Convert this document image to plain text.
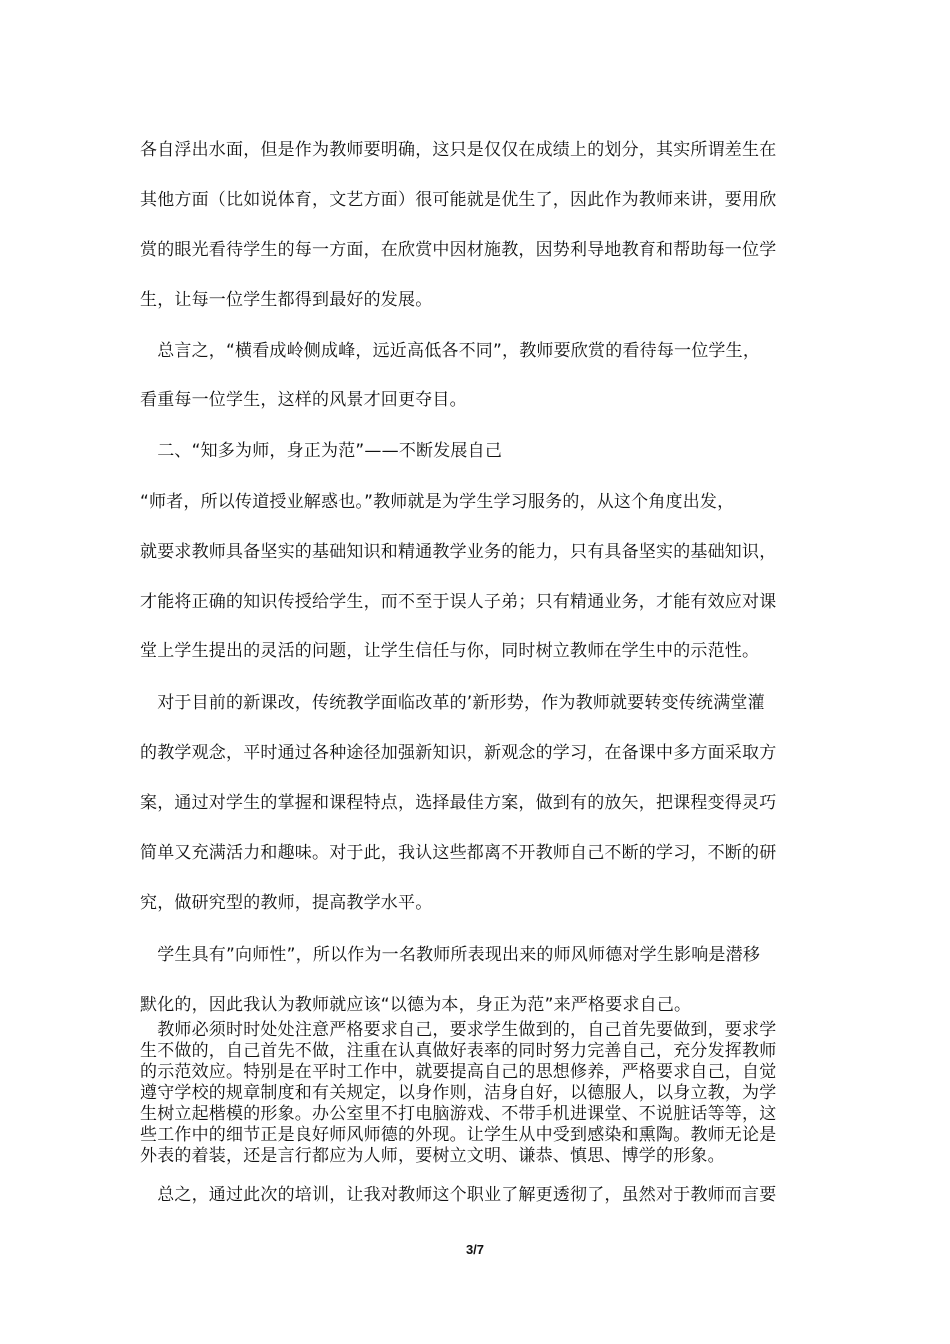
各自浮出水面，但是作为教师要明确，这只是仅仅在成绩上的划分，其实所谓差生在
其他方面（比如说体育，文艺方面）很可能就是优生了，因此作为教师来讲，要用欣
赏的眼光看待学生的每一方面，在欣赏中因材施教，因势利导地教育和帮助每一位学
生，让每一位学生都得到最好的发展。
　总言之，“横看成岭侧成峰，远近高低各不同”，教师要欣赏的看待每一位学生，
看重每一位学生，这样的风景才回更夺目。
　二、“知多为师，身正为范”——不断发展自己
“师者，所以传道授业解惑也。”教师就是为学生学习服务的，从这个角度出发，
就要求教师具备坚实的基础知识和精通教学业务的能力，只有具备坚实的基础知识，
才能将正确的知识传授给学生，而不至于误人子弟；只有精通业务，才能有效应对课
堂上学生提出的灵活的问题，让学生信任与你，同时树立教师在学生中的示范性。
　对于目前的新课改，传统教学面临改革的’新形势，作为教师就要转变传统满堂灌
的教学观念，平时通过各种途径加强新知识，新观念的学习，在备课中多方面采取方
案，通过对学生的掌握和课程特点，选择最佳方案，做到有的放矢，把课程变得灵巧
简单又充满活力和趣味。对于此，我认这些都离不开教师自己不断的学习，不断的研
究，做研究型的教师，提高教学水平。
　学生具有”向师性”，所以作为一名教师所表现出来的师风师德对学生影响是潜移
默化的，因此我认为教师就应该“以德为本，身正为范”来严格要求自己。
　教师必须时时处处注意严格要求自己，要求学生做到的，自己首先要做到，要求学
生不做的，自己首先不做，注重在认真做好表率的同时努力完善自己，充分发挥教师
的示范效应。特别是在平时工作中，就要提高自己的思想修养，严格要求自己，自觉
遵守学校的规章制度和有关规定，以身作则，洁身自好，以德服人，以身立教，为学
生树立起楷模的形象。办公室里不打电脑游戏、不带手机进课堂、不说脏话等等，这
些工作中的细节正是良好师风师德的外现。让学生从中受到感染和熏陶。教师无论是
外表的着装，还是言行都应为人师，要树立文明、谦恭、慎思、博学的形象。
　总之，通过此次的培训，让我对教师这个职业了解更透彻了，虽然对于教师而言要
3/7
